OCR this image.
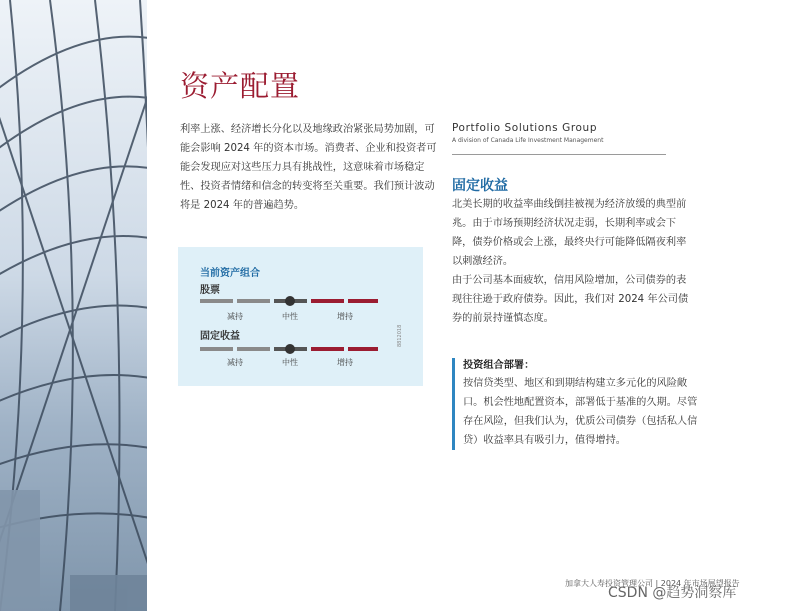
资产配置

利率上涨、经济增长分化以及地缘政治紧张局势加剧，可能会影响 2024 年的资本市场。消费者、企业和投资者可能会发现应对这些压力具有挑战性，这意味着市场稳定性、投资者情绪和信念的转变将至关重要。我们预计波动将是 2024 年的普遍趋势。

Portfolio Solutions Group
A division of Canada Life Investment Management
固定收益

北美长期的收益率曲线倒挂被视为经济放缓的典型前兆。由于市场预期经济状况走弱，长期利率或会下降，债券价格或会上涨，最终央行可能降低隔夜利率以刺激经济。

由于公司基本面疲软，信用风险增加，公司债券的表现往往逊于政府债券。因此，我们对 2024 年公司债券的前景持谨慎态度。

投资组合部署：
按信贷类型、地区和到期结构建立多元化的风险敞口。机会性地配置资本，部署低于基准的久期。尽管存在风险，但我们认为，优质公司债券（包括私人信贷）收益率具有吸引力，值得增持。
当前资产组合
股票
减持	中性	增持
固定收益
减持	中性	增持
8812018
加拿大人寿投资管理公司 | 2024 年市场展望报告
CSDN @趋势洞察库
